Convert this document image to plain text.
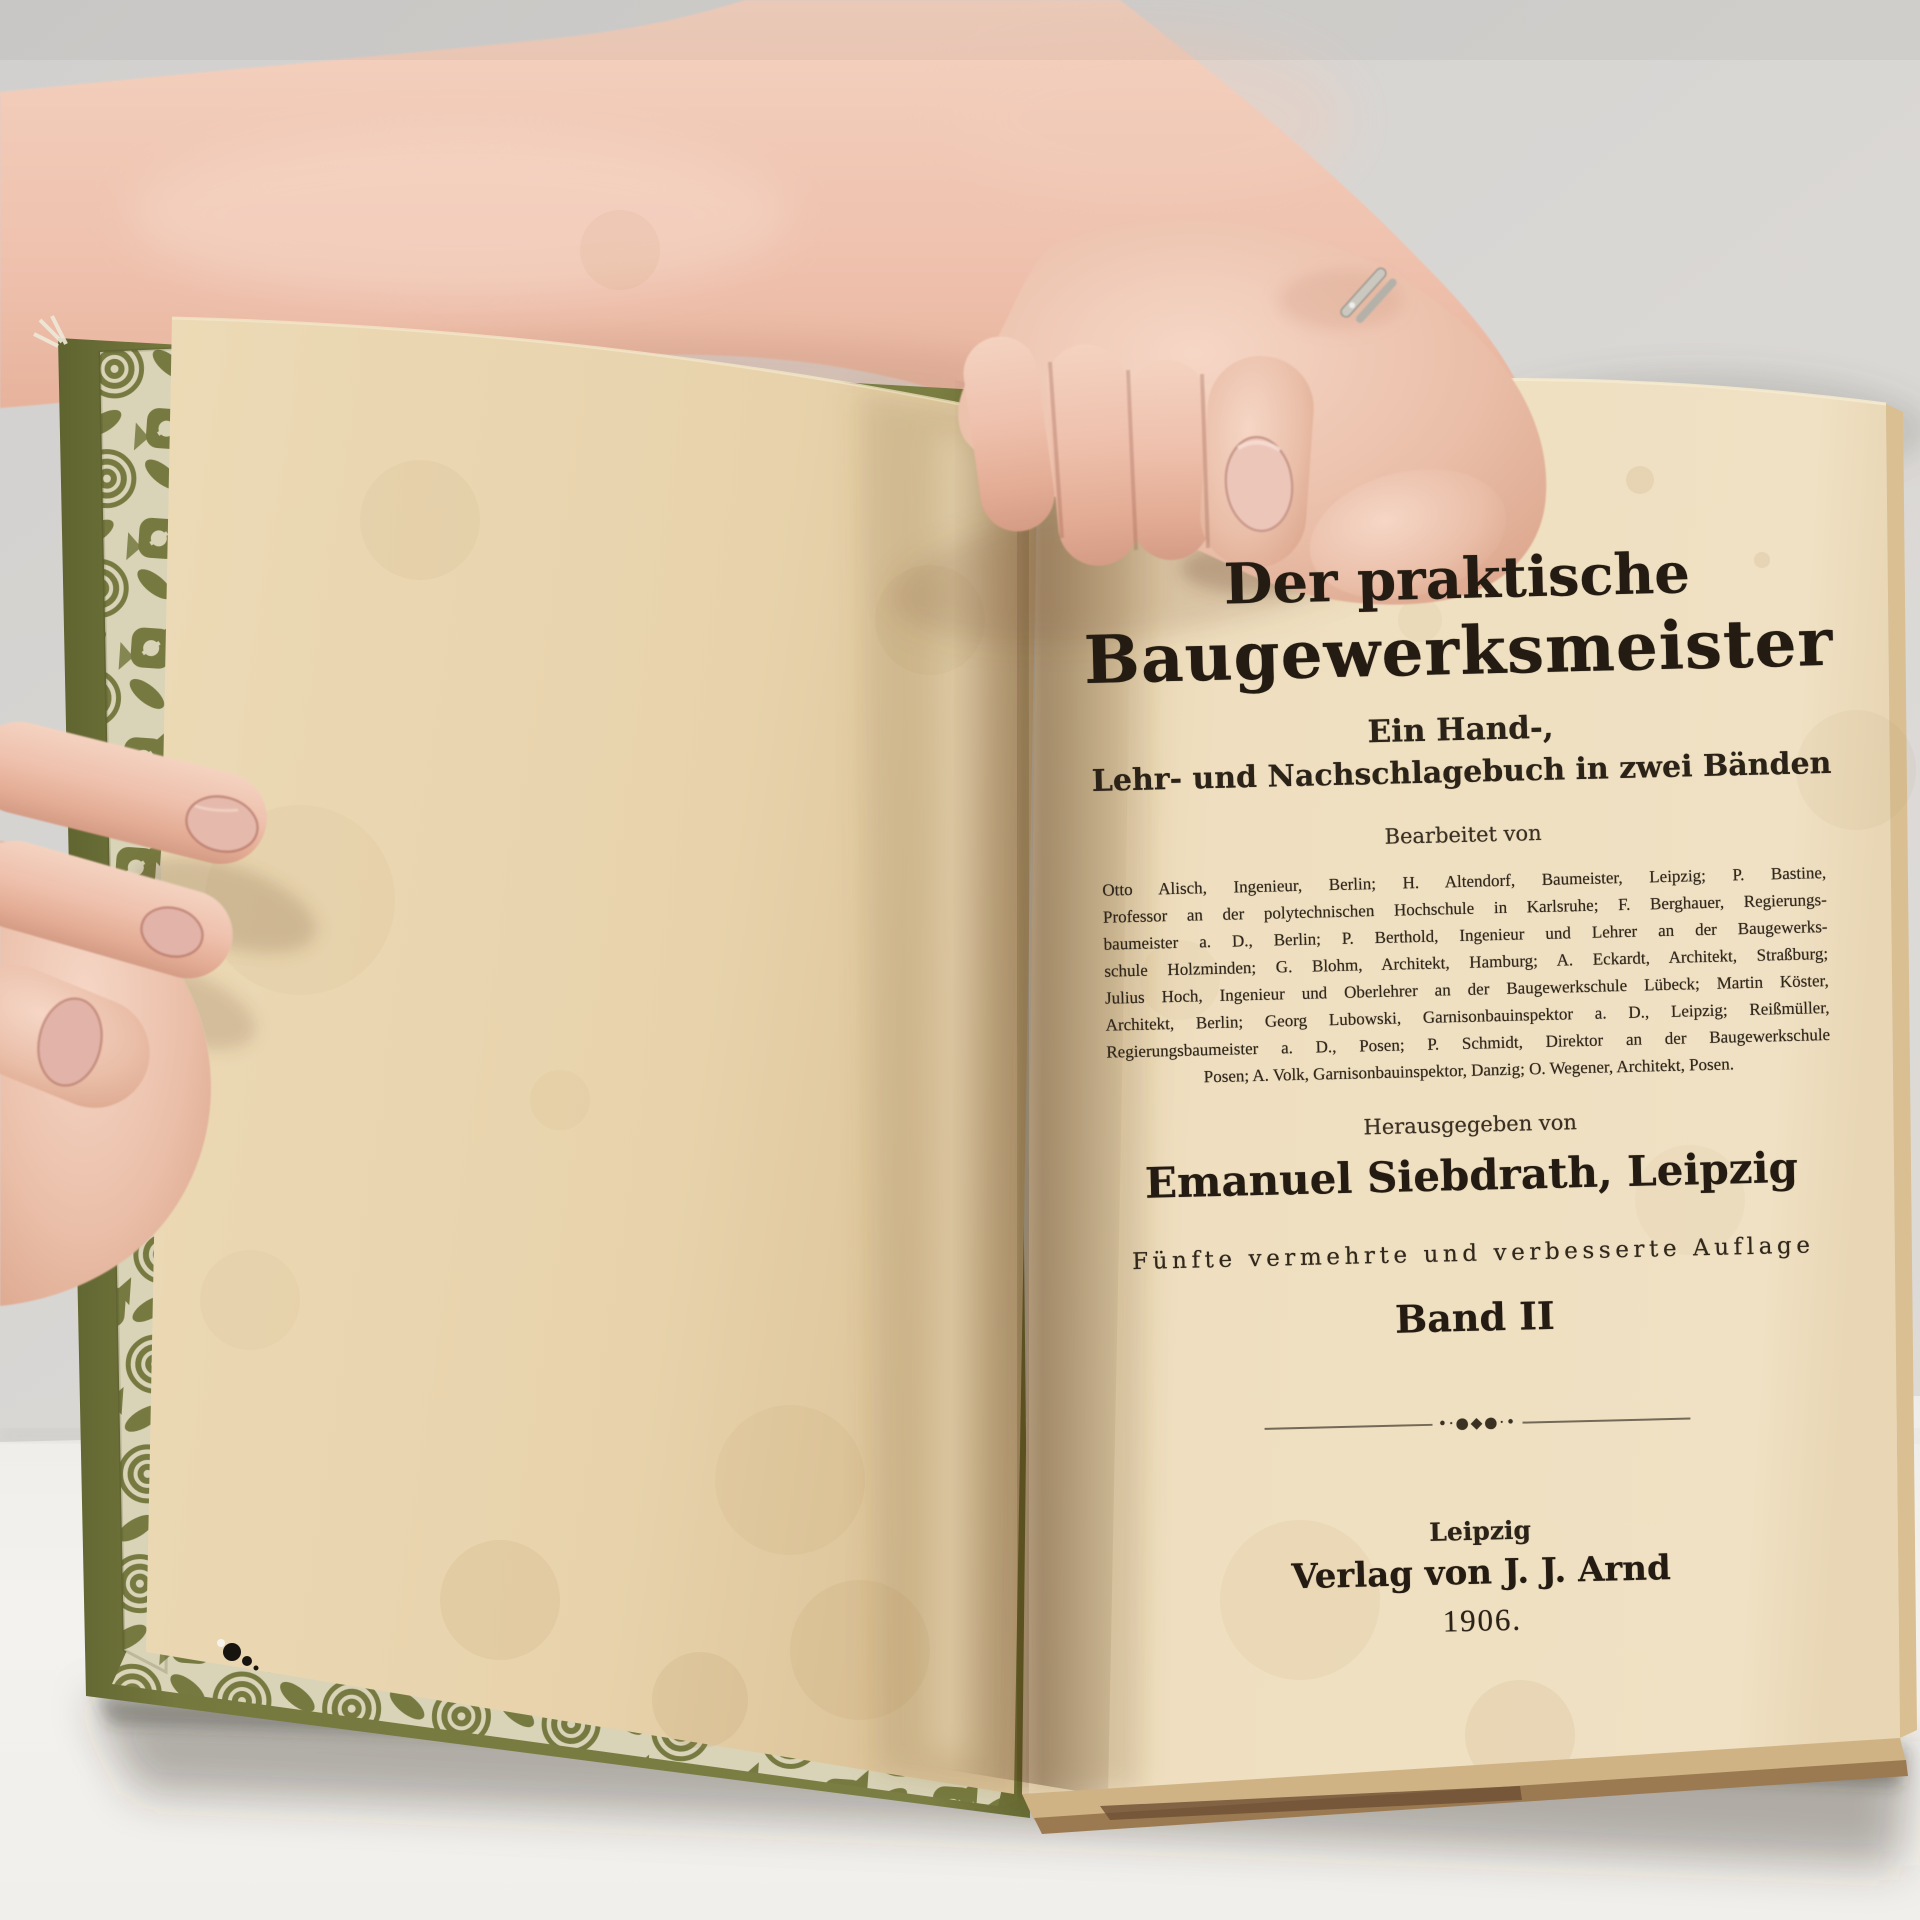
Der praktische
Baugewerksmeister
Ein Hand-,
Lehr- und Nachschlagebuch in zwei Bänden
Bearbeitet von
Otto Alisch, Ingenieur, Berlin; H. Altendorf, Baumeister, Leipzig; P. Bastine,
Professor an der polytechnischen Hochschule in Karlsruhe; F. Berghauer, Regierungs-
baumeister a. D., Berlin; P. Berthold, Ingenieur und Lehrer an der Baugewerks-
schule Holzminden; G. Blohm, Architekt, Hamburg; A. Eckardt, Architekt, Straßburg;
Julius Hoch, Ingenieur und Oberlehrer an der Baugewerkschule Lübeck; Martin Köster,
Architekt, Berlin; Georg Lubowski, Garnisonbauinspektor a. D., Leipzig; Reißmüller,
Regierungsbaumeister a. D., Posen; P. Schmidt, Direktor an der Baugewerkschule
Posen; A. Volk, Garnisonbauinspektor, Danzig; O. Wegener, Architekt, Posen.
Herausgegeben von
Emanuel Siebdrath, Leipzig
Fünfte vermehrte und verbesserte Auflage
Band II
•·●◆●·•
Leipzig
Verlag von J. J. Arnd
1906.
